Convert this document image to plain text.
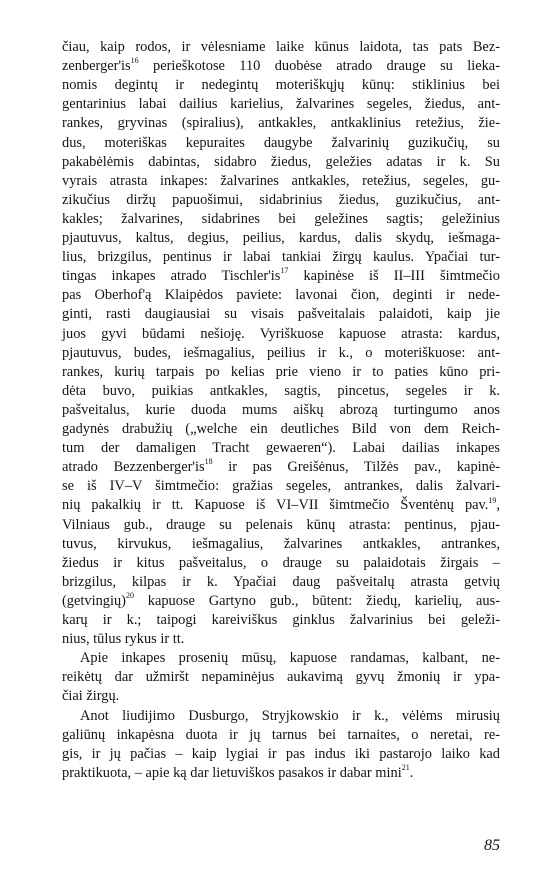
čiau, kaip rodos, ir vėlesniame laike kūnus laidota, tas pats Bez-
$zenberger'is^{16}$ perieškotose 110 duobėse atrado drauge su lieka-
nomis degintų ir nedegintų moteriškųjų kūnų: stiklinius bei
gentarinius labai dailius karielius, žalvarines segeles, žiedus, ant-
rankes, gryvinas (spiralius), antkakles, antkaklinius retežius, žie-
dus, moteriškas kepuraites daugybe žalvarinių guzikučių, su
pakabėlėmis dabintas, sidabro žiedus, geležies adatas ir k. Su
vyrais atrasta inkapes: žalvarines antkakles, retežius, segeles, gu-
zikučius diržų papuošimui, sidabrinius žiedus, guzikučius, ant-
kakles; žalvarines, sidabrines bei geležines sagtis; geležinius
pjautuvus, kaltus, degius, peilius, kardus, dalis skydų, iešmaga-
lius, brizgilus, pentinus ir labai tankiai žirgų kaulus. Ypačiai tur-
tingas inkapes atrado $Tischler'is^{17}$ kapinėse iš II–III šimtmečio
pas Oberhof'ą Klaipėdos paviete: lavonai čion, deginti ir nede-
ginti, rasti daugiausiai su visais pašveitalais palaidoti, kaip jie
juos gyvi būdami nešioję. Vyriškuose kapuose atrasta: kardus,
pjautuvus, budes, iešmagalius, peilius ir k., o moteriškuose: ant-
rankes, kurių tarpais po kelias prie vieno ir to paties kūno pri-
dėta buvo, puikias antkakles, sagtis, pincetus, segeles ir k.
pašveitalus, kurie duoda mums aiškų abrozą turtingumo anos
gadynės drabužių („welche ein deutliches Bild von dem Reich-
tum der damaligen Tracht gewaeren“). Labai dailias inkapes
atrado $Bezzenberger'is^{18}$ ir pas Greišėnus, Tilžės pav., kapinė-
se iš IV–V šimtmečio: gražias segeles, antrankes, dalis žalvari-
nių pakalkių ir tt. Kapuose iš VI–VII šimtmečio Šventėnų pav.$^{19}$,
Vilniaus gub., drauge su pelenais kūnų atrasta: pentinus, pjau-
tuvus, kirvukus, iešmagalius, žalvarines antkakles, antrankes,
žiedus ir kitus pašveitalus, o drauge su palaidotais žirgais –
brizgilus, kilpas ir k. Ypačiai daug pašveitalų atrasta getvių
(getvingių)$^{20}$ kapuose Gartyno gub., būtent: žiedų, karielių, aus-
karų ir k.; taipogi kareiviškus ginklus žalvarinius bei geleži-
nius, tūlus rykus ir tt.
Apie inkapes prosenių mūsų, kapuose randamas, kalbant, ne-
reikėtų dar užmiršt nepaminėjus aukavimą gyvų žmonių ir ypa-
čiai žirgų.
Anot liudijimo Dusburgo, Stryjkowskio ir k., vėlėms mirusių
galiūnų inkapėsna duota ir jų tarnus bei tarnaites, o neretai, re-
gis, ir jų pačias – kaip lygiai ir pas indus iki pastarojo laiko kad
praktikuota, – apie ką dar lietuviškos pasakos ir dabar mini$^{21}$.
85
